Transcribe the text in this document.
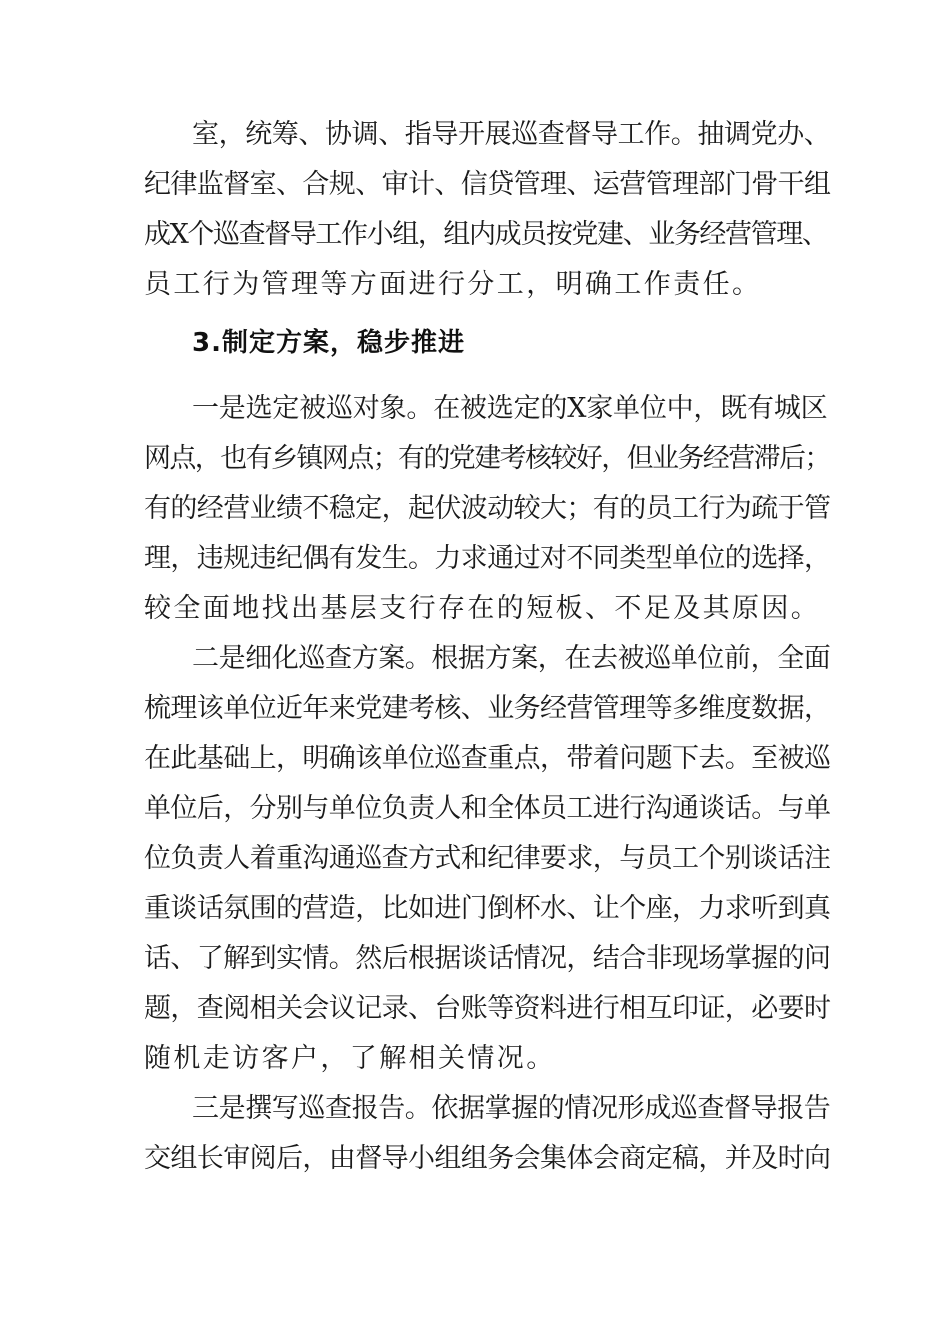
室，统筹、协调、指导开展巡查督导工作。抽调党办、
纪律监督室、合规、审计、信贷管理、运营管理部门骨干组
成X个巡查督导工作小组，组内成员按党建、业务经营管理、
员工行为管理等方面进行分工，明确工作责任。
3.制定方案，稳步推进
一是选定被巡对象。在被选定的X家单位中，既有城区
网点，也有乡镇网点；有的党建考核较好，但业务经营滞后；
有的经营业绩不稳定，起伏波动较大；有的员工行为疏于管
理，违规违纪偶有发生。力求通过对不同类型单位的选择，
较全面地找出基层支行存在的短板、不足及其原因。
二是细化巡查方案。根据方案，在去被巡单位前，全面
梳理该单位近年来党建考核、业务经营管理等多维度数据，
在此基础上，明确该单位巡查重点，带着问题下去。至被巡
单位后，分别与单位负责人和全体员工进行沟通谈话。与单
位负责人着重沟通巡查方式和纪律要求，与员工个别谈话注
重谈话氛围的营造，比如进门倒杯水、让个座，力求听到真
话、了解到实情。然后根据谈话情况，结合非现场掌握的问
题，查阅相关会议记录、台账等资料进行相互印证，必要时
随机走访客户，了解相关情况。
三是撰写巡查报告。依据掌握的情况形成巡查督导报告
交组长审阅后，由督导小组组务会集体会商定稿，并及时向
